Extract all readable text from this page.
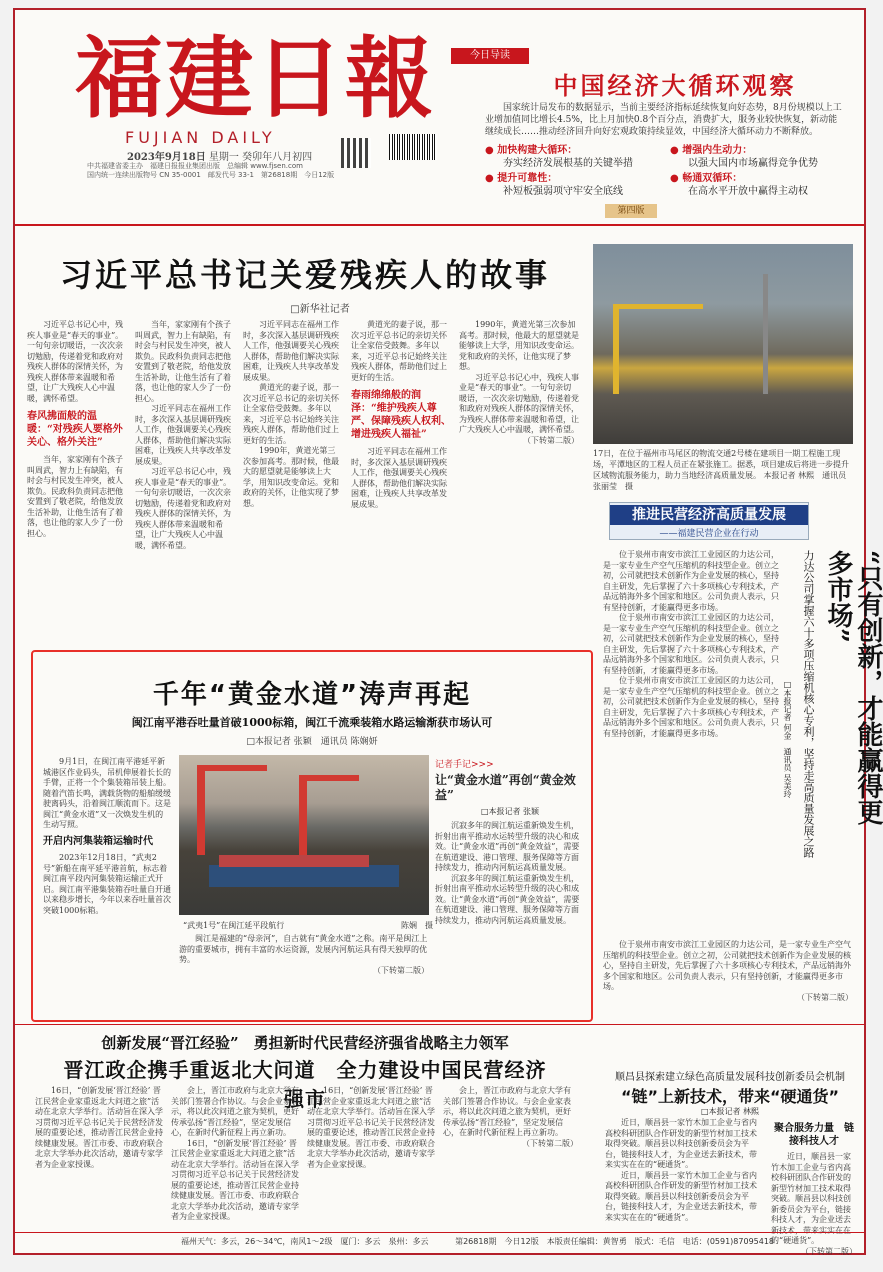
福建日報
FUJIAN DAILY
2023年9月18日 星期一 癸卯年八月初四
中共福建省委主办　福建日报报业集团出版　总编辑 www.fjsen.com
国内统一连续出版物号 CN 35-0001　邮发代号 33-1　第26818期　今日12版
今日导读
中国经济大循环观察
国家统计局发布的数据显示，当前主要经济指标延续恢复向好态势，8月份规模以上工业增加值同比增长4.5%，比上月加快0.8个百分点，消费扩大，服务业较快恢复，新动能继续成长……推动经济回升向好宏观政策持续显效，中国经济大循环动力不断释放。
● 加快构建大循环：
夯实经济发展根基的关键举措
● 增强内生动力：
以强大国内市场赢得竞争优势
● 提升可靠性：
补短板强弱项守牢安全底线
● 畅通双循环：
在高水平开放中赢得主动权
第四版
习近平总书记关爱残疾人的故事
□新华社记者
习近平总书记心中，残疾人事业是“春天的事业”。一句句亲切暖语，一次次亲切勉励，传递着党和政府对残疾人群体的深情关怀，为残疾人群体带来温暖和希望，让广大残疾人心中温暖，满怀希望。
春风拂面般的温暖：“对残疾人要格外关心、格外关注”
当年，家家刚有个孩子叫周武，智力上有缺陷，有时会与村民发生冲突，被人欺负。民政科负责同志把他安置到了敬老院，给他发放生活补助，让他生活有了着落，也让他的家人少了一份担心。
当年，家家刚有个孩子叫周武，智力上有缺陷，有时会与村民发生冲突，被人欺负。民政科负责同志把他安置到了敬老院，给他发放生活补助，让他生活有了着落，也让他的家人少了一份担心。
习近平同志在福州工作时，多次深入基层调研残疾人工作，他强调要关心残疾人群体，帮助他们解决实际困难，让残疾人共享改革发展成果。
习近平总书记心中，残疾人事业是“春天的事业”。一句句亲切暖语，一次次亲切勉励，传递着党和政府对残疾人群体的深情关怀，为残疾人群体带来温暖和希望，让广大残疾人心中温暖，满怀希望。
习近平同志在福州工作时，多次深入基层调研残疾人工作，他强调要关心残疾人群体，帮助他们解决实际困难，让残疾人共享改革发展成果。
黄道光的妻子说，那一次习近平总书记的亲切关怀让全家倍受鼓舞。多年以来，习近平总书记始终关注残疾人群体，帮助他们过上更好的生活。
1990年，黄道光第三次参加高考。那时候，他最大的愿望就是能够读上大学，用知识改变命运。党和政府的关怀，让他实现了梦想。
黄道光的妻子说，那一次习近平总书记的亲切关怀让全家倍受鼓舞。多年以来，习近平总书记始终关注残疾人群体，帮助他们过上更好的生活。
春雨绵绵般的润泽：“维护残疾人尊严、保障残疾人权利、增进残疾人福祉”
习近平同志在福州工作时，多次深入基层调研残疾人工作，他强调要关心残疾人群体，帮助他们解决实际困难，让残疾人共享改革发展成果。
1990年，黄道光第三次参加高考。那时候，他最大的愿望就是能够读上大学，用知识改变命运。党和政府的关怀，让他实现了梦想。
习近平总书记心中，残疾人事业是“春天的事业”。一句句亲切暖语，一次次亲切勉励，传递着党和政府对残疾人群体的深情关怀，为残疾人群体带来温暖和希望，让广大残疾人心中温暖，满怀希望。
（下转第二版）
17日，在位于福州市马尾区的物流交通2号楼在建项目一期工程施工现场，平潭地区的工程人员正在紧张施工。据悉，项目建成后将进一步提升区域物流服务能力，助力当地经济高质量发展。 本报记者 林熙　通讯员 张丽莹　摄
推进民营经济高质量发展
——福建民营企业在行动
“只有创新，才能赢得更多市场”
力达公司掌握六十多项压缩机核心专利，坚持走高质量发展之路
□本报记者 何金　通讯员 吴美玲
位于泉州市南安市滨江工业园区的力达公司，是一家专业生产空气压缩机的科技型企业。创立之初，公司就把技术创新作为企业发展的核心，坚持自主研发，先后掌握了六十多项核心专利技术，产品远销海外多个国家和地区。公司负责人表示，只有坚持创新，才能赢得更多市场。
位于泉州市南安市滨江工业园区的力达公司，是一家专业生产空气压缩机的科技型企业。创立之初，公司就把技术创新作为企业发展的核心，坚持自主研发，先后掌握了六十多项核心专利技术，产品远销海外多个国家和地区。公司负责人表示，只有坚持创新，才能赢得更多市场。
位于泉州市南安市滨江工业园区的力达公司，是一家专业生产空气压缩机的科技型企业。创立之初，公司就把技术创新作为企业发展的核心，坚持自主研发，先后掌握了六十多项核心专利技术，产品远销海外多个国家和地区。公司负责人表示，只有坚持创新，才能赢得更多市场。
位于泉州市南安市滨江工业园区的力达公司，是一家专业生产空气压缩机的科技型企业。创立之初，公司就把技术创新作为企业发展的核心，坚持自主研发，先后掌握了六十多项核心专利技术，产品远销海外多个国家和地区。公司负责人表示，只有坚持创新，才能赢得更多市场。
（下转第二版）
千年“黄金水道”涛声再起
闽江南平港吞吐量首破1000标箱，闽江千流乘装箱水路运输渐获市场认可
□本报记者 张颖　通讯员 陈娴妍
9月1日，在闽江南平港延平新城港区作业码头，吊机伸展着长长的手臂，正将一个个集装箱吊装上船。随着汽笛长鸣，满载货物的船舶缓缓驶离码头，沿着闽江顺流而下。这是闽江“黄金水道”又一次焕发生机的生动写照。
开启内河集装箱运输时代
2023年12月18日，“武夷2号”新船在南平延平港首航，标志着闽江南平段内河集装箱运输正式开启。闽江南平港集装箱吞吐量自开通以来稳步增长，今年以来吞吐量首次突破1000标箱。
“武夷1号”在闽江延平段航行	陈娴　摄
闽江是福建的“母亲河”，自古就有“黄金水道”之称。南平是闽江上游的重要城市，拥有丰富的水运资源，发展内河航运具有得天独厚的优势。
（下转第二版）
记者手记>>>
让“黄金水道”再创“黄金效益”
□本报记者 张颖
沉寂多年的闽江航运重新焕发生机，折射出南平推动水运转型升级的决心和成效。让“黄金水道”再创“黄金效益”，需要在航道建设、港口管理、服务保障等方面持续发力，推动内河航运高质量发展。
沉寂多年的闽江航运重新焕发生机，折射出南平推动水运转型升级的决心和成效。让“黄金水道”再创“黄金效益”，需要在航道建设、港口管理、服务保障等方面持续发力，推动内河航运高质量发展。
创新发展“晋江经验”　勇担新时代民营经济强省战略主力领军
晋江政企携手重返北大问道　全力建设中国民营经济强市
16日，“创新发展‘晋江经验’ 晋江民营企业家重返北大问道之旅”活动在北京大学举行。活动旨在深入学习贯彻习近平总书记关于民营经济发展的重要论述，推动晋江民营企业持续健康发展。晋江市委、市政府联合北京大学举办此次活动，邀请专家学者为企业家授课。
会上，晋江市政府与北京大学有关部门签署合作协议。与会企业家表示，将以此次问道之旅为契机，更好传承弘扬“晋江经验”，坚定发展信心，在新时代新征程上再立新功。
16日，“创新发展‘晋江经验’ 晋江民营企业家重返北大问道之旅”活动在北京大学举行。活动旨在深入学习贯彻习近平总书记关于民营经济发展的重要论述，推动晋江民营企业持续健康发展。晋江市委、市政府联合北京大学举办此次活动，邀请专家学者为企业家授课。
16日，“创新发展‘晋江经验’ 晋江民营企业家重返北大问道之旅”活动在北京大学举行。活动旨在深入学习贯彻习近平总书记关于民营经济发展的重要论述，推动晋江民营企业持续健康发展。晋江市委、市政府联合北京大学举办此次活动，邀请专家学者为企业家授课。
会上，晋江市政府与北京大学有关部门签署合作协议。与会企业家表示，将以此次问道之旅为契机，更好传承弘扬“晋江经验”，坚定发展信心，在新时代新征程上再立新功。
（下转第二版）
顺昌县探索建立绿色高质量发展科技创新委员会机制
“链”上新技术，带来“硬通货”
□本报记者 林熙
近日，顺昌县一家竹木加工企业与省内高校科研团队合作研发的新型竹材加工技术取得突破。顺昌县以科技创新委员会为平台，链接科技人才，为企业送去新技术，带来实实在在的“硬通货”。
近日，顺昌县一家竹木加工企业与省内高校科研团队合作研发的新型竹材加工技术取得突破。顺昌县以科技创新委员会为平台，链接科技人才，为企业送去新技术，带来实实在在的“硬通货”。
聚合服务力量　链接科技人才
近日，顺昌县一家竹木加工企业与省内高校科研团队合作研发的新型竹材加工技术取得突破。顺昌县以科技创新委员会为平台，链接科技人才，为企业送去新技术，带来实实在在的“硬通货”。
（下转第二版）
福州天气：多云，26～34℃，南风1～2级　厦门：多云　泉州：多云	第26818期　今日12版　本版责任编辑：黄智勇　版式：毛信　电话：(0591)87095418
